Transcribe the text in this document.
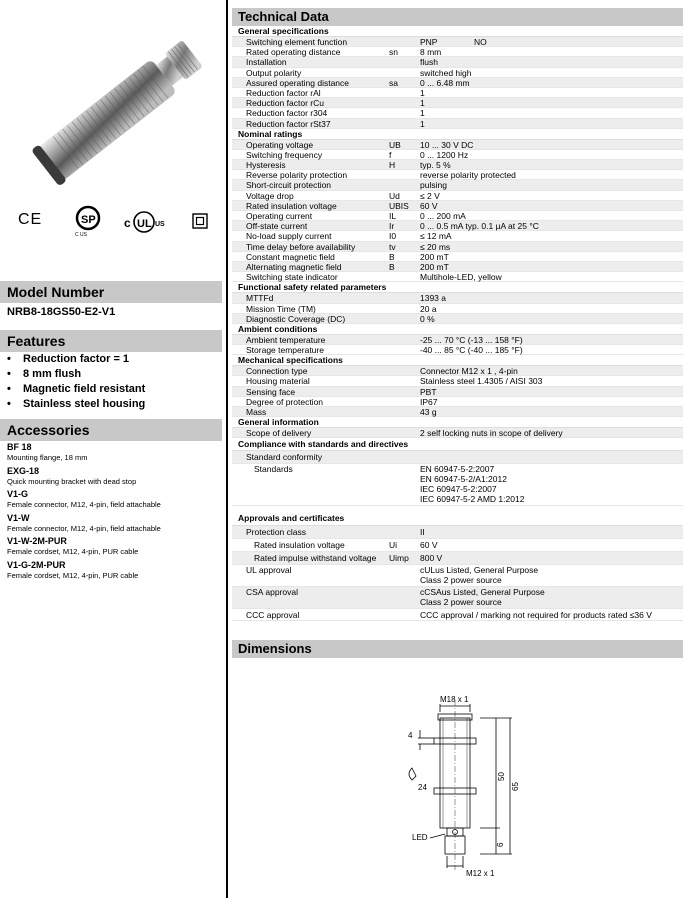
CE	SP
C US
c UL US
Model Number
NRB8-18GS50-E2-V1
Features
• Reduction factor = 1
• 8 mm flush
• Magnetic field resistant
• Stainless steel housing
Accessories
BF 18
Mounting flange, 18 mm
EXG-18
Quick mounting bracket with dead stop
V1-G
Female connector, M12, 4-pin, field attachable
V1-W
Female connector, M12, 4-pin, field attachable
V1-W-2M-PUR
Female cordset, M12, 4-pin, PUR cable
V1-G-2M-PUR
Female cordset, M12, 4-pin, PUR cable
Technical Data
General specifications
Switching element function	PNP	NO
Rated operating distance	sn	8 mm
Installation	flush
Output polarity	switched high
Assured operating distance	sa	0 ... 6.48 mm
Reduction factor rAl	1
Reduction factor rCu	1
Reduction factor r304	1
Reduction factor rSt37	1
Nominal ratings
Operating voltage	UB 10 ... 30 V DC
Switching frequency	f	0 ... 1200 Hz
Hysteresis	H	typ. 5 %
Reverse polarity protection	reverse polarity protected
Short-circuit protection	pulsing
Voltage drop	Ud ≤ 2 V
Rated insulation voltage	UBIS 60 V
Operating current	IL	0 ... 200 mA
Off-state current	Ir	0 ... 0.5 mA typ. 0.1 µA at 25 °C
No-load supply current	I0	≤ 12 mA
Time delay before availability	tv	≤ 20 ms
Constant magnetic field	B	200 mT
Alternating magnetic field	B	200 mT
Switching state indicator	Multihole-LED, yellow
Functional safety related parameters
MTTFd	1393 a
Mission Time (TM)	20 a
Diagnostic Coverage (DC)	0 %
Ambient conditions
Ambient temperature	-25 ... 70 °C (-13 ... 158 °F)
Storage temperature	-40 ... 85 °C (-40 ... 185 °F)
Mechanical specifications
Connection type	Connector M12 x 1 , 4-pin
Housing material	Stainless steel 1.4305 / AISI 303
Sensing face	PBT
Degree of protection	IP67
Mass	43 g
General information
Scope of delivery	2 self locking nuts in scope of delivery
Compliance with standards and directives
Standard conformity
Standards	EN 60947-5-2:2007
EN 60947-5-2/A1:2012
IEC 60947-5-2:2007
IEC 60947-5-2 AMD 1:2012
Approvals and certificates
Protection class	II
Rated insulation voltage	Ui	60 V
Rated impulse withstand voltage Uimp 800 V
UL approval	cULus Listed, General Purpose
Class 2 power source
CSA approval	cCSAus Listed, General Purpose
Class 2 power source
CCC approval	CCC approval / marking not required for products rated ≤36 V
Dimensions
M18 x 1
M12 x 1
4
24
50
65
6
LED
